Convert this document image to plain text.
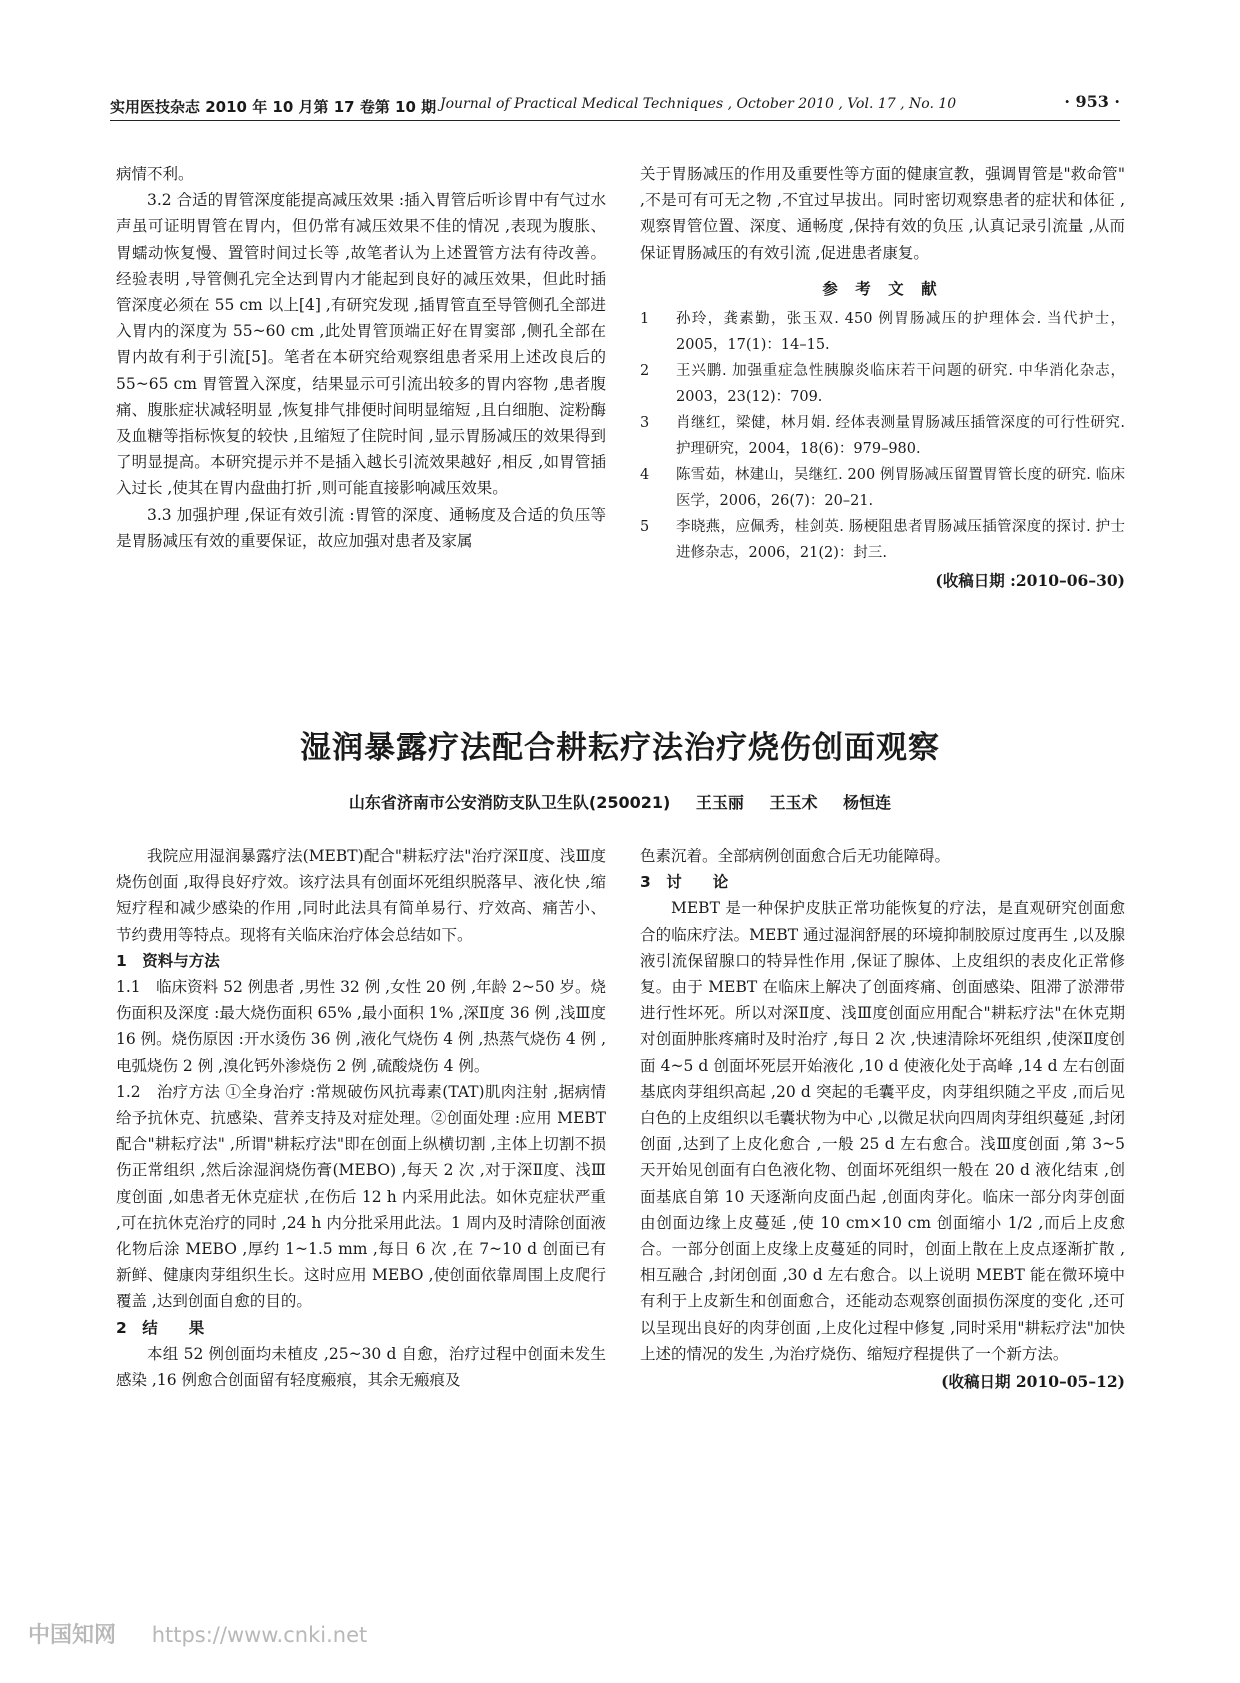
实用医技杂志 2010 年 10 月第 17 卷第 10 期 Journal of Practical Medical Techniques , October 2010 , Vol. 17 , No. 10	· 953 ·

病情不利。

3.2 合适的胃管深度能提高减压效果 :插入胃管后听诊胃中有气过水声虽可证明胃管在胃内，但仍常有减压效果不佳的情况 ,表现为腹胀、胃蠕动恢复慢、置管时间过长等 ,故笔者认为上述置管方法有待改善。经验表明 ,导管侧孔完全达到胃内才能起到良好的减压效果，但此时插管深度必须在 55 cm 以上[4] ,有研究发现 ,插胃管直至导管侧孔全部进入胃内的深度为 55~60 cm ,此处胃管顶端正好在胃窦部 ,侧孔全部在胃内故有利于引流[5]。笔者在本研究给观察组患者采用上述改良后的 55~65 cm 胃管置入深度，结果显示可引流出较多的胃内容物 ,患者腹痛、腹胀症状减轻明显 ,恢复排气排便时间明显缩短 ,且白细胞、淀粉酶及血糖等指标恢复的较快 ,且缩短了住院时间 ,显示胃肠减压的效果得到了明显提高。本研究提示并不是插入越长引流效果越好 ,相反 ,如胃管插入过长 ,使其在胃内盘曲打折 ,则可能直接影响减压效果。

3.3 加强护理 ,保证有效引流 :胃管的深度、通畅度及合适的负压等是胃肠减压有效的重要保证，故应加强对患者及家属

关于胃肠减压的作用及重要性等方面的健康宣教，强调胃管是"救命管" ,不是可有可无之物 ,不宜过早拔出。同时密切观察患者的症状和体征 ,观察胃管位置、深度、通畅度 ,保持有效的负压 ,认真记录引流量 ,从而保证胃肠减压的有效引流 ,促进患者康复。

参 考 文 献
1	孙玲，龚素勤，张玉双. 450 例胃肠减压的护理体会. 当代护士，2005，17(1)：14–15.
2	王兴鹏. 加强重症急性胰腺炎临床若干问题的研究. 中华消化杂志，2003，23(12)：709.
3	肖继红，梁健，林月娟. 经体表测量胃肠减压插管深度的可行性研究. 护理研究，2004，18(6)：979–980.
4	陈雪茹，林建山，吴继红. 200 例胃肠减压留置胃管长度的研究. 临床医学，2006，26(7)：20–21.
5	李晓燕，应佩秀，桂剑英. 肠梗阻患者胃肠减压插管深度的探讨. 护士进修杂志，2006，21(2)：封三.
(收稿日期 :2010–06–30)
湿润暴露疗法配合耕耘疗法治疗烧伤创面观察
山东省济南市公安消防支队卫生队(250021) 王玉丽 王玉术 杨恒连

我院应用湿润暴露疗法(MEBT)配合"耕耘疗法"治疗深Ⅱ度、浅Ⅲ度烧伤创面 ,取得良好疗效。该疗法具有创面坏死组织脱落早、液化快 ,缩短疗程和减少感染的作用 ,同时此法具有简单易行、疗效高、痛苦小、节约费用等特点。现将有关临床治疗体会总结如下。

1　资料与方法

1.1　临床资料 52 例患者 ,男性 32 例 ,女性 20 例 ,年龄 2~50 岁。烧伤面积及深度 :最大烧伤面积 65% ,最小面积 1% ,深Ⅱ度 36 例 ,浅Ⅲ度 16 例。烧伤原因 :开水烫伤 36 例 ,液化气烧伤 4 例 ,热蒸气烧伤 4 例 ,电弧烧伤 2 例 ,溴化钙外渗烧伤 2 例 ,硫酸烧伤 4 例。

1.2　治疗方法 ①全身治疗 :常规破伤风抗毒素(TAT)肌肉注射 ,据病情给予抗休克、抗感染、营养支持及对症处理。②创面处理 :应用 MEBT 配合"耕耘疗法" ,所谓"耕耘疗法"即在创面上纵横切割 ,主体上切割不损伤正常组织 ,然后涂湿润烧伤膏(MEBO) ,每天 2 次 ,对于深Ⅱ度、浅Ⅲ度创面 ,如患者无休克症状 ,在伤后 12 h 内采用此法。如休克症状严重 ,可在抗休克治疗的同时 ,24 h 内分批采用此法。1 周内及时清除创面液化物后涂 MEBO ,厚约 1~1.5 mm ,每日 6 次 ,在 7~10 d 创面已有新鲜、健康肉芽组织生长。这时应用 MEBO ,使创面依靠周围上皮爬行覆盖 ,达到创面自愈的目的。

2　结　　果

本组 52 例创面均未植皮 ,25~30 d 自愈，治疗过程中创面未发生感染 ,16 例愈合创面留有轻度瘢痕，其余无瘢痕及

色素沉着。全部病例创面愈合后无功能障碍。

3　讨　　论

MEBT 是一种保护皮肤正常功能恢复的疗法，是直观研究创面愈合的临床疗法。MEBT 通过湿润舒展的环境抑制胶原过度再生 ,以及腺液引流保留腺口的特异性作用 ,保证了腺体、上皮组织的表皮化正常修复。由于 MEBT 在临床上解决了创面疼痛、创面感染、阻滞了淤滞带进行性坏死。所以对深Ⅱ度、浅Ⅲ度创面应用配合"耕耘疗法"在休克期对创面肿胀疼痛时及时治疗 ,每日 2 次 ,快速清除坏死组织 ,使深Ⅱ度创面 4~5 d 创面坏死层开始液化 ,10 d 使液化处于高峰 ,14 d 左右创面基底肉芽组织高起 ,20 d 突起的毛囊平皮，肉芽组织随之平皮 ,而后见白色的上皮组织以毛囊状物为中心 ,以微足状向四周肉芽组织蔓延 ,封闭创面 ,达到了上皮化愈合 ,一般 25 d 左右愈合。浅Ⅲ度创面 ,第 3~5 天开始见创面有白色液化物、创面坏死组织一般在 20 d 液化结束 ,创面基底自第 10 天逐渐向皮面凸起 ,创面肉芽化。临床一部分肉芽创面由创面边缘上皮蔓延 ,使 10 cm×10 cm 创面缩小 1/2 ,而后上皮愈合。一部分创面上皮缘上皮蔓延的同时，创面上散在上皮点逐渐扩散 ,相互融合 ,封闭创面 ,30 d 左右愈合。以上说明 MEBT 能在微环境中有利于上皮新生和创面愈合，还能动态观察创面损伤深度的变化 ,还可以呈现出良好的肉芽创面 ,上皮化过程中修复 ,同时采用"耕耘疗法"加快上述的情况的发生 ,为治疗烧伤、缩短疗程提供了一个新方法。

(收稿日期 2010–05–12)
中国知网 https://www.cnki.net
